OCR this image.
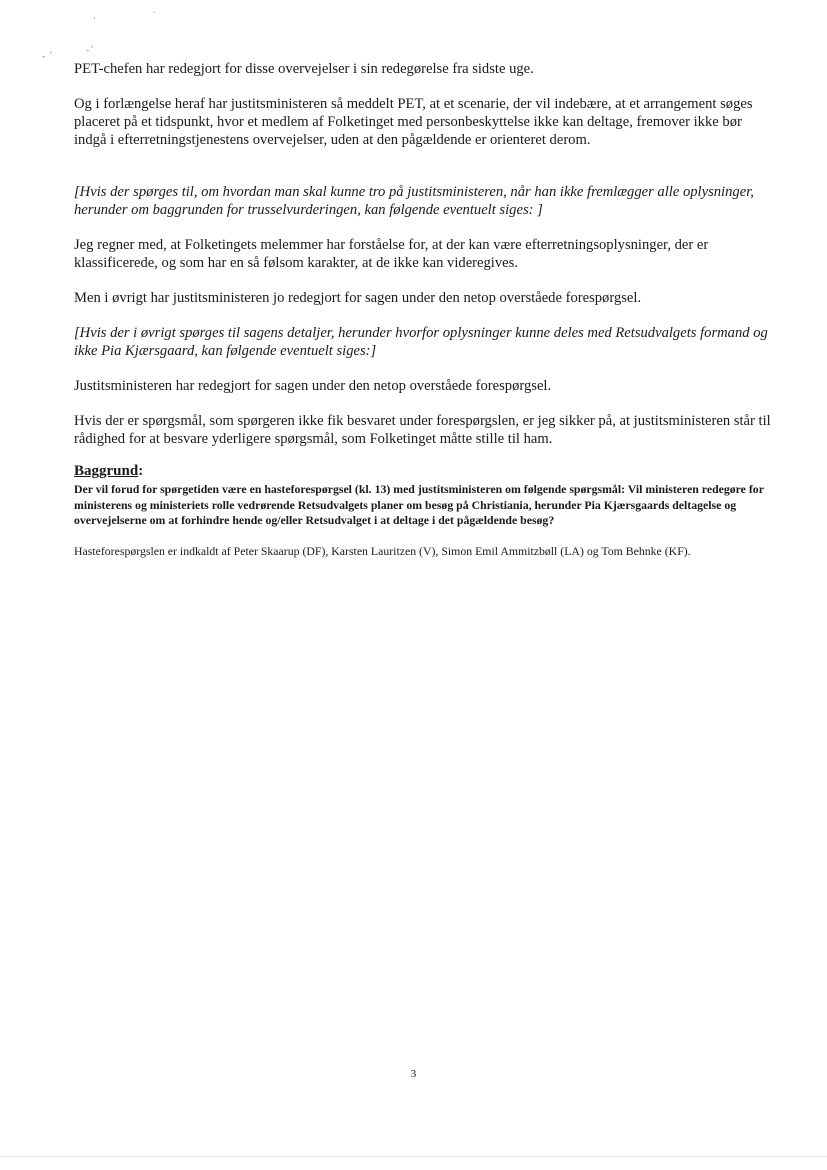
·	˙
- ´
-´

PET-chefen har redegjort for disse overvejelser i sin redegørelse fra sidste uge.

Og i forlængelse heraf har justitsministeren så meddelt PET, at et scenarie, der vil indebære, at et arrangement søges placeret på et tidspunkt, hvor et medlem af Folketinget med personbeskyttelse ikke kan deltage, fremover ikke bør indgå i efterretningstjenestens overvejelser, uden at den pågældende er orienteret derom.

[Hvis der spørges til, om hvordan man skal kunne tro på justitsministeren, når han ikke fremlægger alle oplysninger, herunder om baggrunden for trusselvurderingen, kan følgende eventuelt siges: ]

Jeg regner med, at Folketingets melemmer har forståelse for, at der kan være efterretningsoplysninger, der er klassificerede, og som har en så følsom karakter, at de ikke kan videregives.

Men i øvrigt har justitsministeren jo redegjort for sagen under den netop overståede forespørgsel.

[Hvis der i øvrigt spørges til sagens detaljer, herunder hvorfor oplysninger kunne deles med Retsudvalgets formand og ikke Pia Kjærsgaard, kan følgende eventuelt siges:]

Justitsministeren har redegjort for sagen under den netop overståede forespørgsel.

Hvis der er spørgsmål, som spørgeren ikke fik besvaret under forespørgslen, er jeg sikker på, at justitsministeren står til rådighed for at besvare yderligere spørgsmål, som Folketinget måtte stille til ham.

Baggrund:

Der vil forud for spørgetiden være en hasteforespørgsel (kl. 13) med justitsministeren om følgende spørgsmål: Vil ministeren redegøre for ministerens og ministeriets rolle vedrørende Retsudvalgets planer om besøg på Christiania, herunder Pia Kjærsgaards deltagelse og overvejelserne om at forhindre hende og/eller Retsudvalget i at deltage i det pågældende besøg?

Hasteforespørgslen er indkaldt af Peter Skaarup (DF), Karsten Lauritzen (V), Simon Emil Ammitzbøll (LA) og Tom Behnke (KF).

3
